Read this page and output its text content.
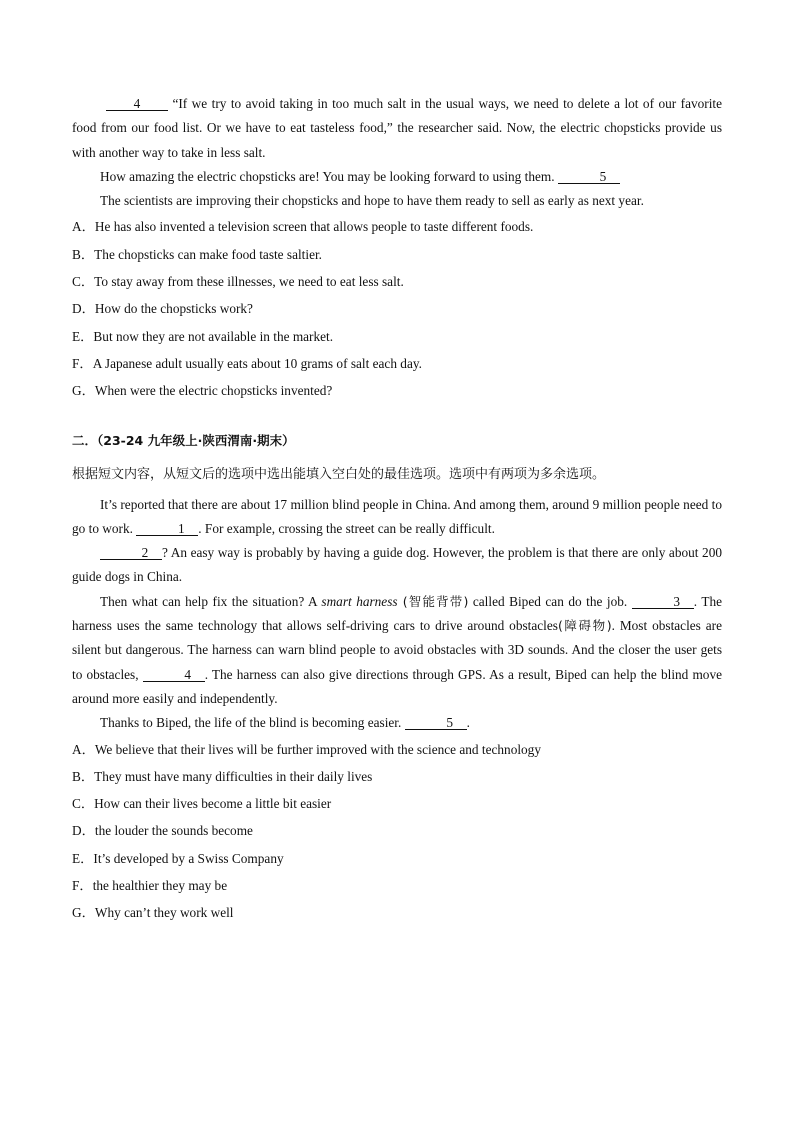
4 “If we try to avoid taking in too much salt in the usual ways, we need to delete a lot of our favorite food from our food list. Or we have to eat tasteless food,” the researcher said. Now, the electric chopsticks provide us with another way to take in less salt.

How amazing the electric chopsticks are! You may be looking forward to using them.	5

The scientists are improving their chopsticks and hope to have them ready to sell as early as next year.

A．He has also invented a television screen that allows people to taste different foods.

B．The chopsticks can make food taste saltier.

C．To stay away from these illnesses, we need to eat less salt.

D．How do the chopsticks work?

E．But now they are not available in the market.

F．A Japanese adult usually eats about 10 grams of salt each day.

G．When were the electric chopsticks invented?

二．（23-24 九年级上·陕西渭南·期末）

根据短文内容，从短文后的选项中选出能填入空白处的最佳选项。选项中有两项为多余选项。

It’s reported that there are about 17 million blind people in China. And among them, around 9 million people need to go to work.	1 . For example, crossing the street can be really difficult.

2 ? An easy way is probably by having a guide dog. However, the problem is that there are only about 200 guide dogs in China.

Then what can help fix the situation? A smart harness (智能背带) called Biped can do the job.	3 . The harness uses the same technology that allows self-driving cars to drive around obstacles(障碍物). Most obstacles are silent but dangerous. The harness can warn blind people to avoid obstacles with 3D sounds. And the closer the user gets to obstacles,	4 . The harness can also give directions through GPS. As a result, Biped can help the blind move around more easily and independently.

Thanks to Biped, the life of the blind is becoming easier.	5 .

A．We believe that their lives will be further improved with the science and technology

B．They must have many difficulties in their daily lives

C．How can their lives become a little bit easier

D．the louder the sounds become

E．It’s developed by a Swiss Company

F．the healthier they may be

G．Why can’t they work well
